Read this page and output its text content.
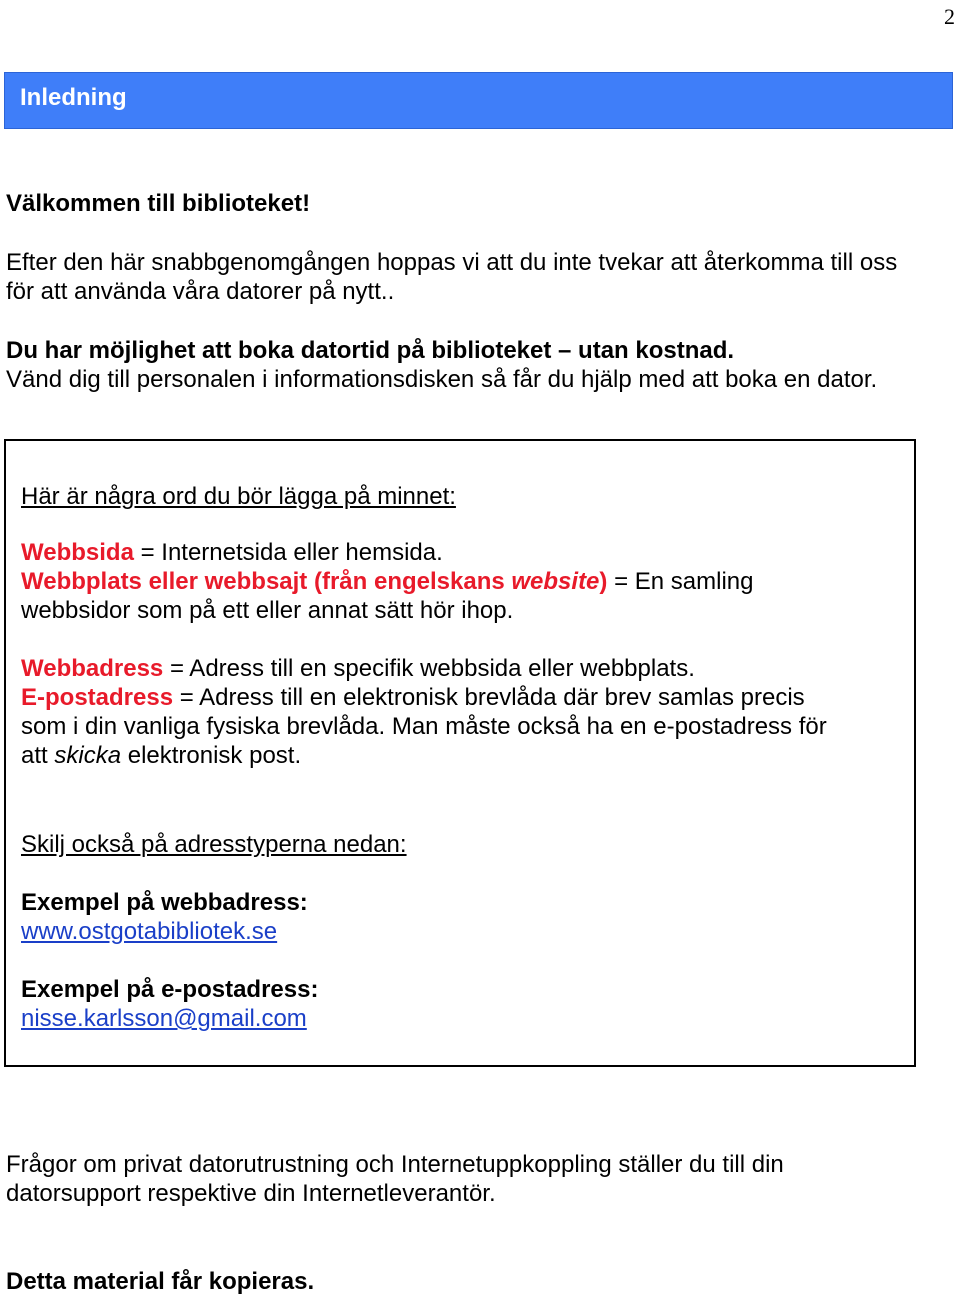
2
Inledning
Välkommen till biblioteket!
Efter den här snabbgenomgången hoppas vi att du inte tvekar att återkomma till oss
för att använda våra datorer på nytt..
Du har möjlighet att boka datortid på biblioteket – utan kostnad.
Vänd dig till personalen i informationsdisken så får du hjälp med att boka en dator.
Här är några ord du bör lägga på minnet:
Webbsida = Internetsida eller hemsida.
Webbplats eller webbsajt (från engelskans website) = En samling
webbsidor som på ett eller annat sätt hör ihop.
Webbadress = Adress till en specifik webbsida eller webbplats.
E-postadress = Adress till en elektronisk brevlåda där brev samlas precis
som i din vanliga fysiska brevlåda. Man måste också ha en e-postadress för
att skicka elektronisk post.
Skilj också på adresstyperna nedan:
Exempel på webbadress:
www.ostgotabibliotek.se
Exempel på e-postadress:
nisse.karlsson@gmail.com
Frågor om privat datorutrustning och Internetuppkoppling ställer du till din
datorsupport respektive din Internetleverantör.
Detta material får kopieras.
